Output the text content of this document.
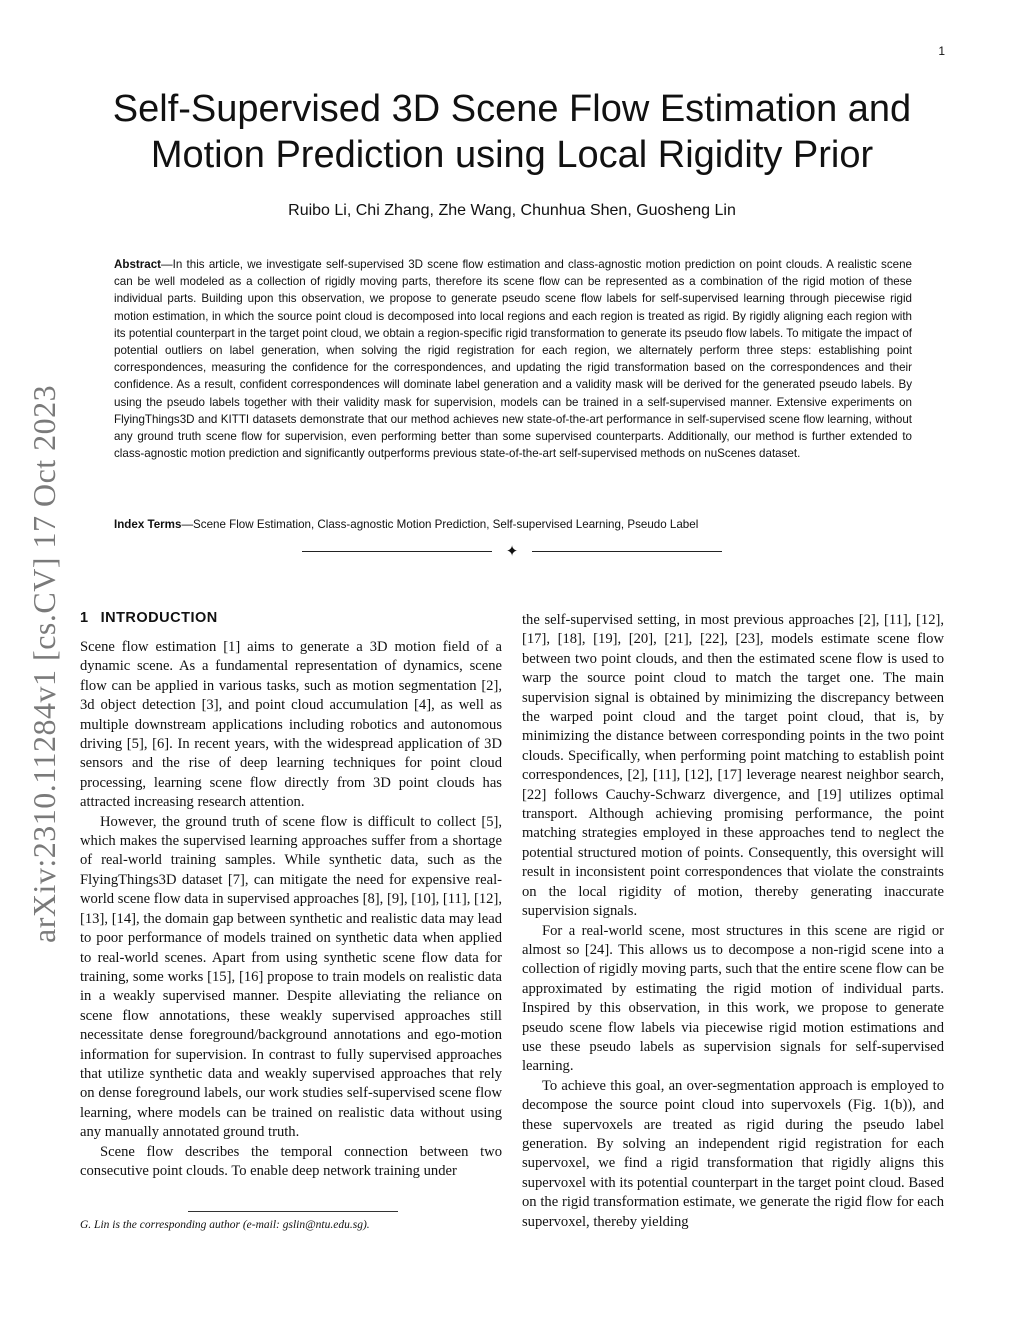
1
arXiv:2310.11284v1 [cs.CV] 17 Oct 2023
Self-Supervised 3D Scene Flow Estimation and
Motion Prediction using Local Rigidity Prior
Ruibo Li, Chi Zhang, Zhe Wang, Chunhua Shen, Guosheng Lin

Abstract—In this article, we investigate self-supervised 3D scene flow estimation and class-agnostic motion prediction on point clouds. A realistic scene can be well modeled as a collection of rigidly moving parts, therefore its scene flow can be represented as a combination of the rigid motion of these individual parts. Building upon this observation, we propose to generate pseudo scene flow labels for self-supervised learning through piecewise rigid motion estimation, in which the source point cloud is decomposed into local regions and each region is treated as rigid. By rigidly aligning each region with its potential counterpart in the target point cloud, we obtain a region-specific rigid transformation to generate its pseudo flow labels. To mitigate the impact of potential outliers on label generation, when solving the rigid registration for each region, we alternately perform three steps: establishing point correspondences, measuring the confidence for the correspondences, and updating the rigid transformation based on the correspondences and their confidence. As a result, confident correspondences will dominate label generation and a validity mask will be derived for the generated pseudo labels. By using the pseudo labels together with their validity mask for supervision, models can be trained in a self-supervised manner. Extensive experiments on FlyingThings3D and KITTI datasets demonstrate that our method achieves new state-of-the-art performance in self-supervised scene flow learning, without any ground truth scene flow for supervision, even performing better than some supervised counterparts. Additionally, our method is further extended to class-agnostic motion prediction and significantly outperforms previous state-of-the-art self-supervised methods on nuScenes dataset.

Index Terms—Scene Flow Estimation, Class-agnostic Motion Prediction, Self-supervised Learning, Pseudo Label

✦
1 INTRODUCTION

Scene flow estimation [1] aims to generate a 3D motion field of a dynamic scene. As a fundamental representation of dynamics, scene flow can be applied in various tasks, such as motion segmentation [2], 3d object detection [3], and point cloud accumulation [4], as well as multiple downstream applications including robotics and autonomous driving [5], [6]. In recent years, with the widespread application of 3D sensors and the rise of deep learning techniques for point cloud processing, learning scene flow directly from 3D point clouds has attracted increasing research attention.

However, the ground truth of scene flow is difficult to collect [5], which makes the supervised learning approaches suffer from a shortage of real-world training samples. While synthetic data, such as the FlyingThings3D dataset [7], can mitigate the need for expensive real-world scene flow data in supervised approaches [8], [9], [10], [11], [12], [13], [14], the domain gap between synthetic and realistic data may lead to poor performance of models trained on synthetic data when applied to real-world scenes. Apart from using synthetic scene flow data for training, some works [15], [16] propose to train models on realistic data in a weakly supervised manner. Despite alleviating the reliance on scene flow annotations, these weakly supervised approaches still necessitate dense foreground/background annotations and ego-motion information for supervision. In contrast to fully supervised approaches that utilize synthetic data and weakly supervised approaches that rely on dense foreground labels, our work studies self-supervised scene flow learning, where models can be trained on realistic data without using any manually annotated ground truth.

Scene flow describes the temporal connection between two consecutive point clouds. To enable deep network training under

the self-supervised setting, in most previous approaches [2], [11], [12], [17], [18], [19], [20], [21], [22], [23], models estimate scene flow between two point clouds, and then the estimated scene flow is used to warp the source point cloud to match the target one. The main supervision signal is obtained by minimizing the discrepancy between the warped point cloud and the target point cloud, that is, by minimizing the distance between corresponding points in the two point clouds. Specifically, when performing point matching to establish point correspondences, [2], [11], [12], [17] leverage nearest neighbor search, [22] follows Cauchy-Schwarz divergence, and [19] utilizes optimal transport. Although achieving promising performance, the point matching strategies employed in these approaches tend to neglect the potential structured motion of points. Consequently, this oversight will result in inconsistent point correspondences that violate the constraints on the local rigidity of motion, thereby generating inaccurate supervision signals.

For a real-world scene, most structures in this scene are rigid or almost so [24]. This allows us to decompose a non-rigid scene into a collection of rigidly moving parts, such that the entire scene flow can be approximated by estimating the rigid motion of individual parts. Inspired by this observation, in this work, we propose to generate pseudo scene flow labels via piecewise rigid motion estimations and use these pseudo labels as supervision signals for self-supervised learning.

To achieve this goal, an over-segmentation approach is employed to decompose the source point cloud into supervoxels (Fig. 1(b)), and these supervoxels are treated as rigid during the pseudo label generation. By solving an independent rigid registration for each supervoxel, we find a rigid transformation that rigidly aligns this supervoxel with its potential counterpart in the target point cloud. Based on the rigid transformation estimate, we generate the rigid flow for each supervoxel, thereby yielding

G. Lin is the corresponding author (e-mail: gslin@ntu.edu.sg).
